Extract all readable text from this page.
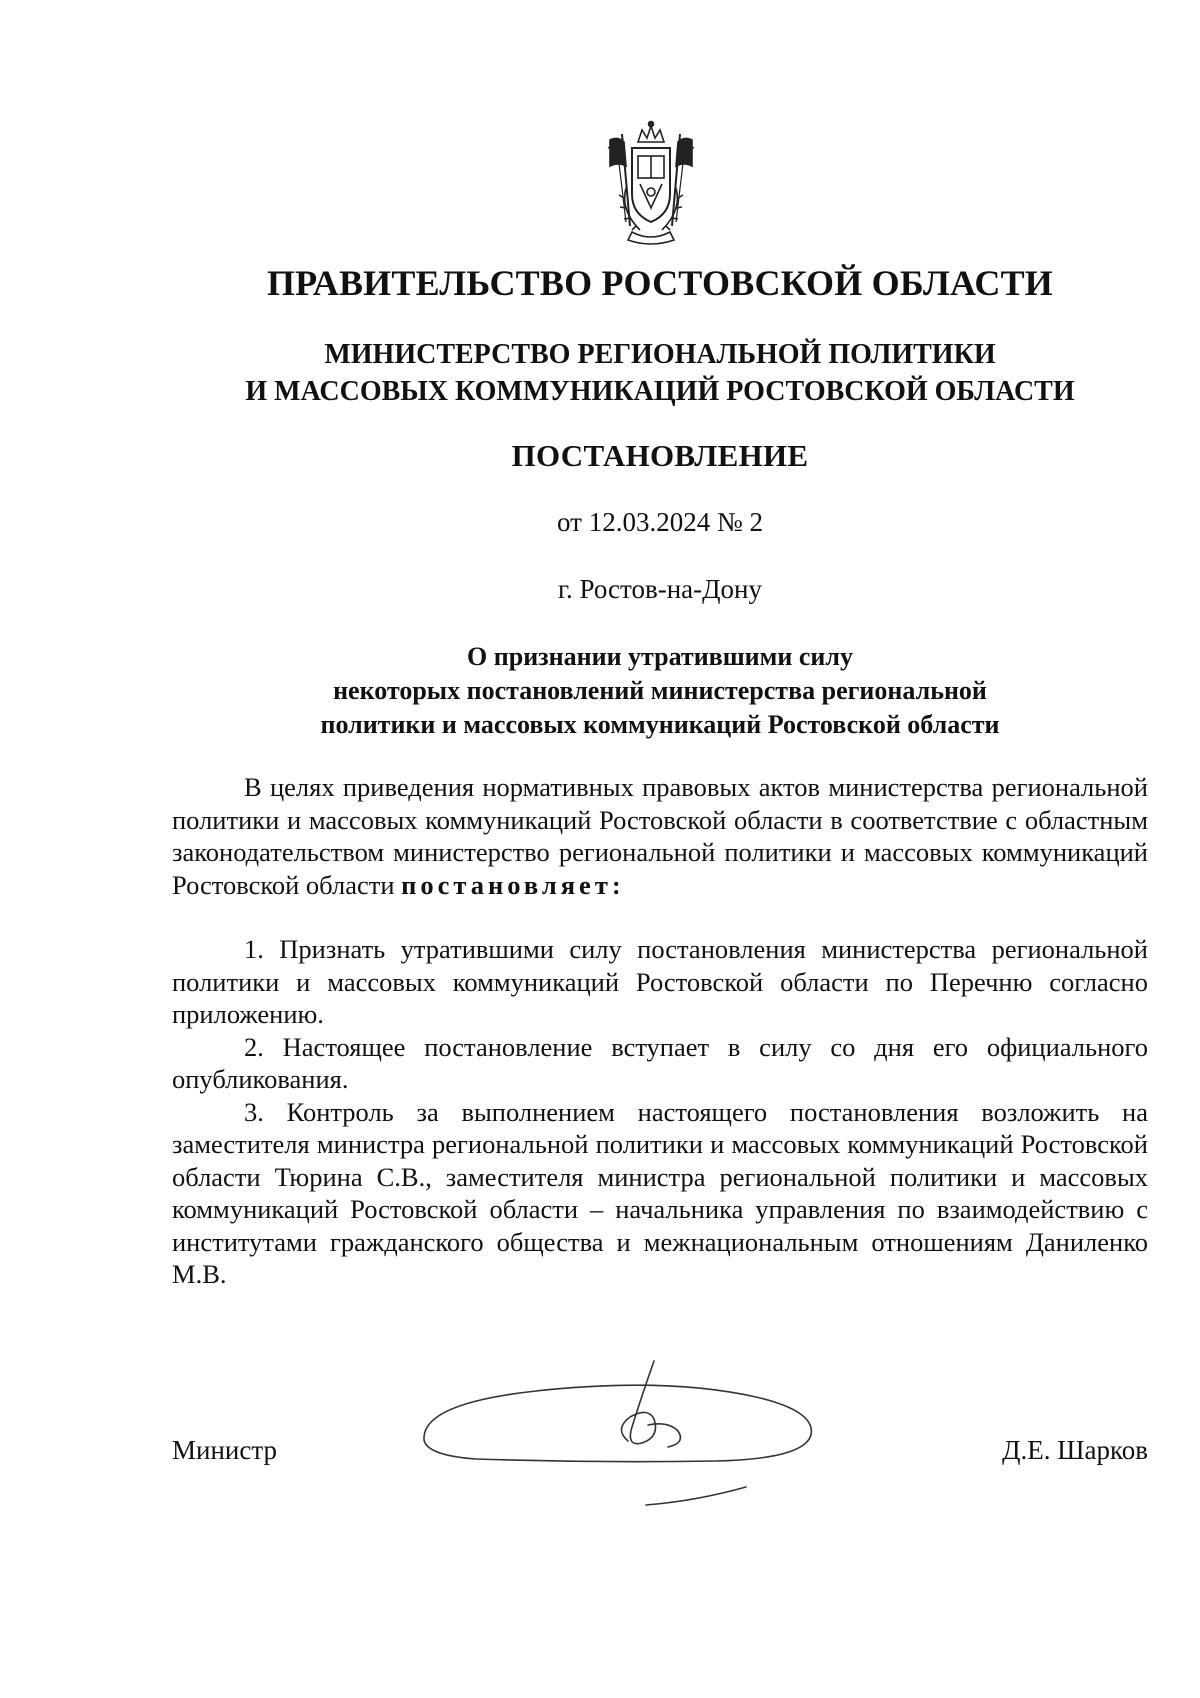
ПРАВИТЕЛЬСТВО РОСТОВСКОЙ ОБЛАСТИ
МИНИСТЕРСТВО РЕГИОНАЛЬНОЙ ПОЛИТИКИ
И МАССОВЫХ КОММУНИКАЦИЙ РОСТОВСКОЙ ОБЛАСТИ
ПОСТАНОВЛЕНИЕ
от 12.03.2024 № 2
г. Ростов-на-Дону
О признании утратившими силу
некоторых постановлений министерства региональной
политики и массовых коммуникаций Ростовской области

В целях приведения нормативных правовых актов министерства региональной политики и массовых коммуникаций Ростовской области в соответствие с областным законодательством министерство региональной политики и массовых коммуникаций Ростовской области постановляет:

1. Признать утратившими силу постановления министерства региональной политики и массовых коммуникаций Ростовской области по Перечню согласно приложению.

2. Настоящее постановление вступает в силу со дня его официального опубликования.

3. Контроль за выполнением настоящего постановления возложить на заместителя министра региональной политики и массовых коммуникаций Ростовской области Тюрина С.В., заместителя министра региональной политики и массовых коммуникаций Ростовской области – начальника управления по взаимодействию с институтами гражданского общества и межнациональным отношениям Даниленко М.В.

Министр	Д.Е. Шарков
